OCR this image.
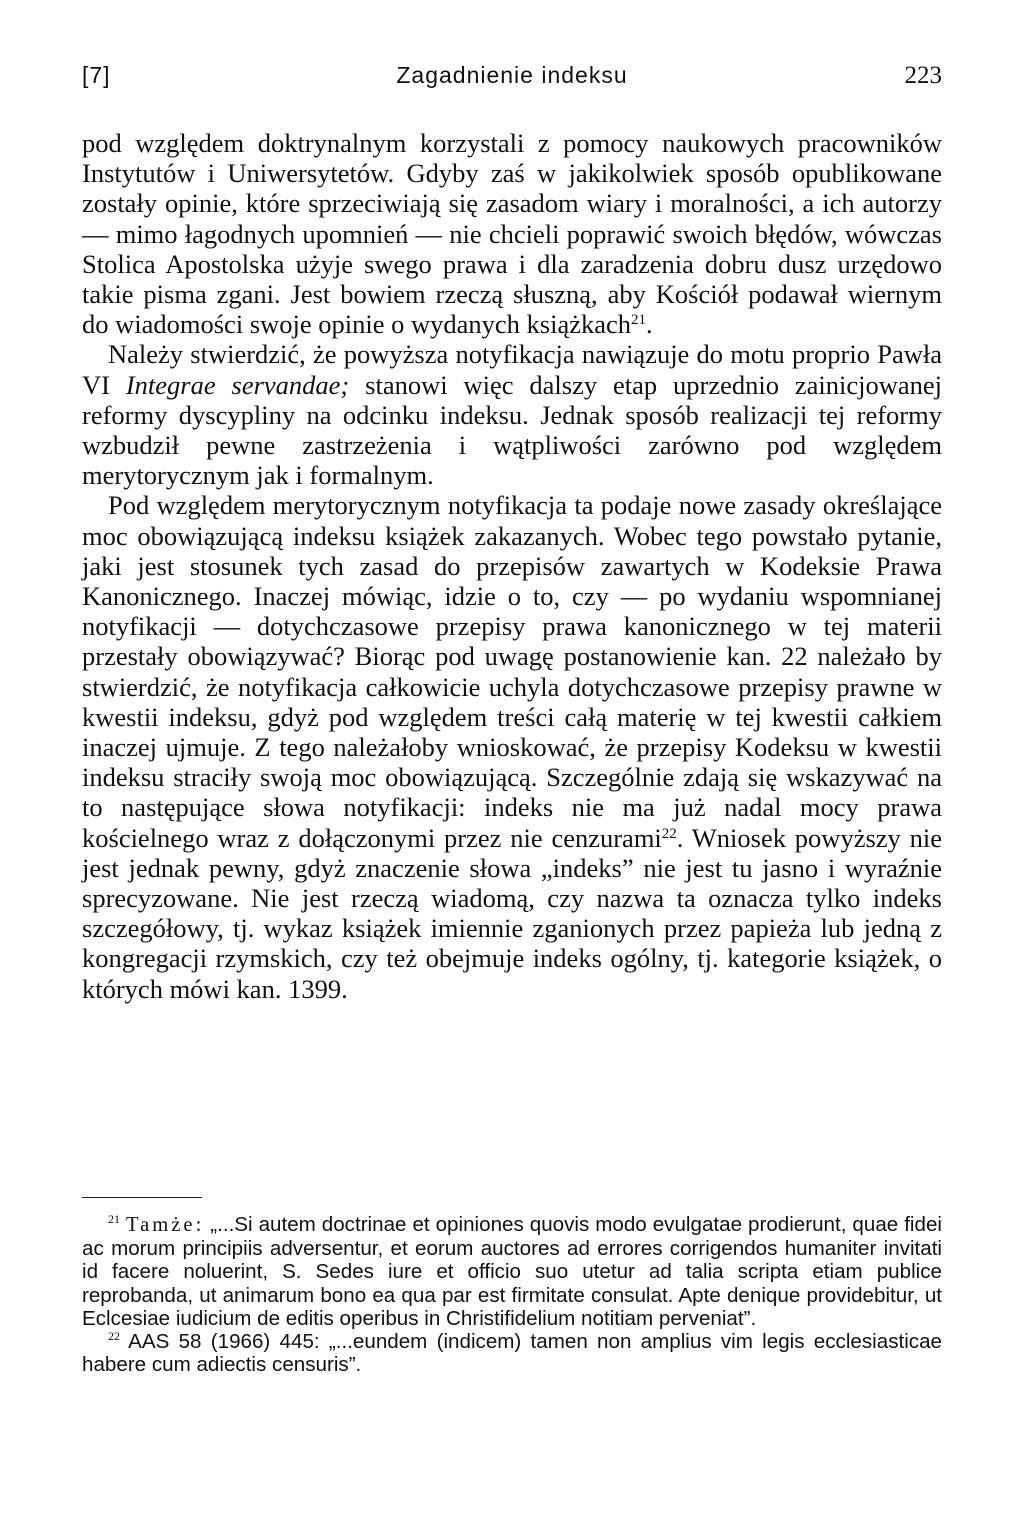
[7]	Zagadnienie indeksu	223

pod względem doktrynalnym korzystali z pomocy naukowych pracowników Instytutów i Uniwersytetów. Gdyby zaś w jakikolwiek sposób opublikowane zostały opinie, które sprzeciwiają się zasadom wiary i moralności, a ich autorzy — mimo łagodnych upomnień — nie chcieli poprawić swoich błędów, wówczas Stolica Apostolska użyje swego prawa i dla zaradzenia dobru dusz urzędowo takie pisma zgani. Jest bowiem rzeczą słuszną, aby Kościół podawał wiernym do wiadomości swoje opinie o wydanych książkach$^{21}$.

Należy stwierdzić, że powyższa notyfikacja nawiązuje do motu proprio Pawła VI Integrae servandae; stanowi więc dalszy etap uprzednio zainicjowanej reformy dyscypliny na odcinku indeksu. Jednak sposób realizacji tej reformy wzbudził pewne zastrzeżenia i wątpliwości zarówno pod względem merytorycznym jak i formalnym.

Pod względem merytorycznym notyfikacja ta podaje nowe zasady określające moc obowiązującą indeksu książek zakazanych. Wobec tego powstało pytanie, jaki jest stosunek tych zasad do przepisów zawartych w Kodeksie Prawa Kanonicznego. Inaczej mówiąc, idzie o to, czy — po wydaniu wspomnianej notyfikacji — dotychczasowe przepisy prawa kanonicznego w tej materii przestały obowiązywać? Biorąc pod uwagę postanowienie kan. 22 należało by stwierdzić, że notyfikacja całkowicie uchyla dotychczasowe przepisy prawne w kwestii indeksu, gdyż pod względem treści całą materię w tej kwestii całkiem inaczej ujmuje. Z tego należałoby wnioskować, że przepisy Kodeksu w kwestii indeksu straciły swoją moc obowiązującą. Szczególnie zdają się wskazywać na to następujące słowa notyfikacji: indeks nie ma już nadal mocy prawa kościelnego wraz z dołączonymi przez nie cenzurami$^{22}$. Wniosek powyższy nie jest jednak pewny, gdyż znaczenie słowa „indeks” nie jest tu jasno i wyraźnie sprecyzowane. Nie jest rzeczą wiadomą, czy nazwa ta oznacza tylko indeks szczegółowy, tj. wykaz książek imiennie zganionych przez papieża lub jedną z kongregacji rzymskich, czy też obejmuje indeks ogólny, tj. kategorie książek, o których mówi kan. 1399.

$^{21}$ Tamże: „...Si autem doctrinae et opiniones quovis modo evulgatae prodierunt, quae fidei ac morum principiis adversentur, et eorum auctores ad errores corrigendos humaniter invitati id facere noluerint, S. Sedes iure et officio suo utetur ad talia scripta etiam publice reprobanda, ut animarum bono ea qua par est firmitate consulat. Apte denique providebitur, ut Eclcesiae iudicium de editis operibus in Christifidelium notitiam perveniat”.

$^{22}$ AAS 58 (1966) 445: „...eundem (indicem) tamen non amplius vim legis ecclesiasticae habere cum adiectis censuris”.
